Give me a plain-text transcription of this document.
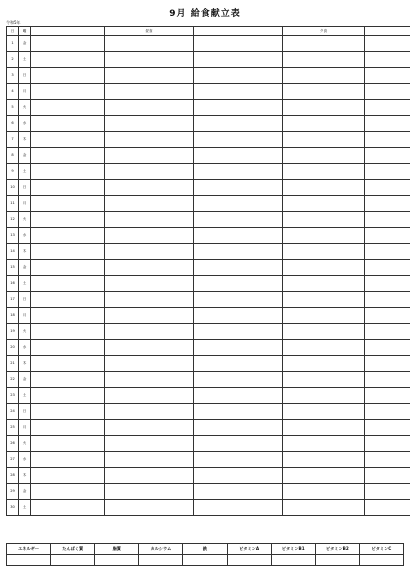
9月 給食献立表
令和5年
日	曜		昼食		夕食	
1	金					
2	土					
3	日					
4	月					
5	火					
6	水					
7	木					
8	金					
9	土					
10	日					
11	月					
12	火					
13	水					
14	木					
15	金					
16	土					
17	日					
18	月					
19	火					
20	水					
21	木					
22	金					
23	土					
24	日					
25	月					
26	火					
27	水					
28	木					
29	金					
30	土					
エネルギー	たんぱく質	脂質	カルシウム	鉄	ビタミンA	ビタミンB1	ビタミンB2	ビタミンC
